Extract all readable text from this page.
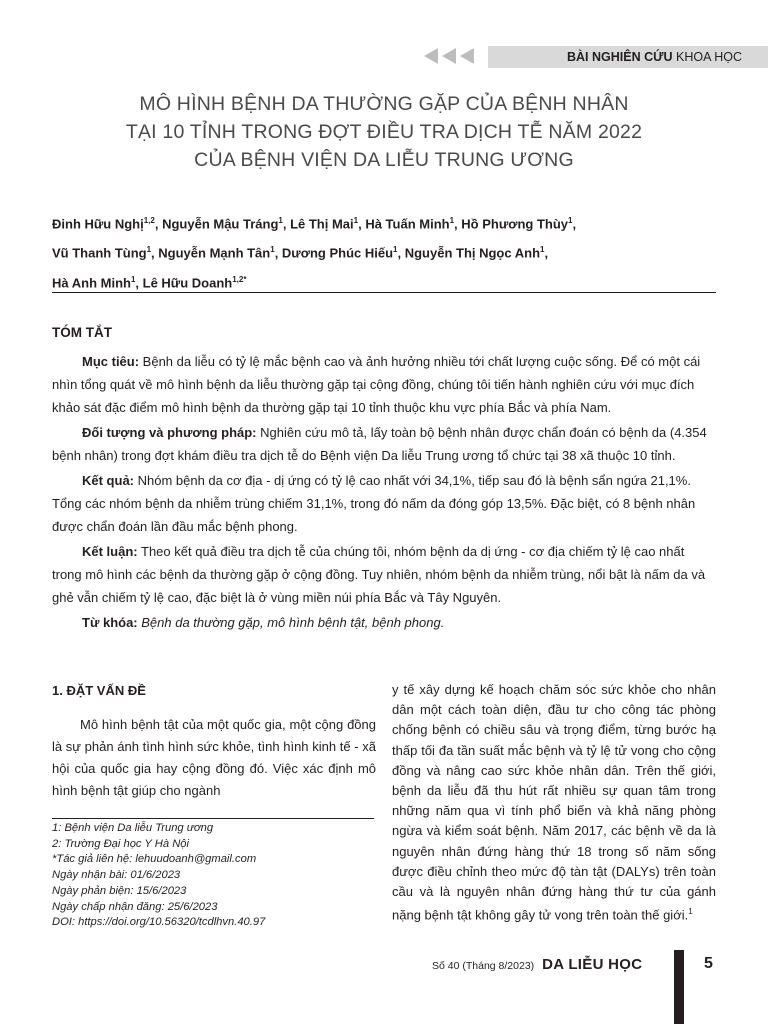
BÀI NGHIÊN CỨU KHOA HỌC
MÔ HÌNH BỆNH DA THƯỜNG GẶP CỦA BỆNH NHÂN
TẠI 10 TỈNH TRONG ĐỢT ĐIỀU TRA DỊCH TỄ NĂM 2022
CỦA BỆNH VIỆN DA LIỄU TRUNG ƯƠNG
Đinh Hữu Nghị$^{1,2}$, Nguyễn Mậu Tráng$^1$, Lê Thị Mai$^1$, Hà Tuấn Minh$^1$, Hồ Phương Thùy$^1$,
Vũ Thanh Tùng$^1$, Nguyễn Mạnh Tân$^1$, Dương Phúc Hiếu$^1$, Nguyễn Thị Ngọc Anh$^1$,
Hà Anh Minh$^1$, Lê Hữu Doanh$^{1,2*}$
TÓM TẮT

Mục tiêu: Bệnh da liễu có tỷ lệ mắc bệnh cao và ảnh hưởng nhiều tới chất lượng cuộc sống. Để có một cái nhìn tổng quát về mô hình bệnh da liễu thường gặp tại cộng đồng, chúng tôi tiến hành nghiên cứu với mục đích khảo sát đặc điểm mô hình bệnh da thường gặp tại 10 tỉnh thuộc khu vực phía Bắc và phía Nam.

Đối tượng và phương pháp: Nghiên cứu mô tả, lấy toàn bộ bệnh nhân được chẩn đoán có bệnh da (4.354 bệnh nhân) trong đợt khám điều tra dịch tễ do Bệnh viện Da liễu Trung ương tổ chức tại 38 xã thuộc 10 tỉnh.

Kết quả: Nhóm bệnh da cơ địa - dị ứng có tỷ lệ cao nhất với 34,1%, tiếp sau đó là bệnh sẩn ngứa 21,1%. Tổng các nhóm bệnh da nhiễm trùng chiếm 31,1%, trong đó nấm da đóng góp 13,5%. Đặc biệt, có 8 bệnh nhân được chẩn đoán lần đầu mắc bệnh phong.

Kết luận: Theo kết quả điều tra dịch tễ của chúng tôi, nhóm bệnh da dị ứng - cơ địa chiếm tỷ lệ cao nhất trong mô hình các bệnh da thường gặp ở cộng đồng. Tuy nhiên, nhóm bệnh da nhiễm trùng, nổi bật là nấm da và ghẻ vẫn chiếm tỷ lệ cao, đặc biệt là ở vùng miền núi phía Bắc và Tây Nguyên.

Từ khóa: Bệnh da thường gặp, mô hình bệnh tật, bệnh phong.

1. ĐẶT VẤN ĐỀ

Mô hình bệnh tật của một quốc gia, một cộng đồng là sự phản ánh tình hình sức khỏe, tình hình kinh tế - xã hội của quốc gia hay cộng đồng đó. Việc xác định mô hình bệnh tật giúp cho ngành

y tế xây dựng kế hoạch chăm sóc sức khỏe cho nhân dân một cách toàn diện, đầu tư cho công tác phòng chống bệnh có chiều sâu và trọng điểm, từng bước hạ thấp tối đa tần suất mắc bệnh và tỷ lệ tử vong cho cộng đồng và nâng cao sức khỏe nhân dân. Trên thế giới, bệnh da liễu đã thu hút rất nhiều sự quan tâm trong những năm qua vì tính phổ biến và khả năng phòng ngừa và kiểm soát bệnh. Năm 2017, các bệnh về da là nguyên nhân đứng hàng thứ 18 trong số năm sống được điều chỉnh theo mức độ tàn tật (DALYs) trên toàn cầu và là nguyên nhân đứng hàng thứ tư của gánh nặng bệnh tật không gây tử vong trên toàn thế giới.$^1$

1: Bệnh viện Da liễu Trung ương
2: Trường Đại học Y Hà Nội
*Tác giả liên hệ: lehuudoanh@gmail.com
Ngày nhận bài: 01/6/2023
Ngày phản biện: 15/6/2023
Ngày chấp nhận đăng: 25/6/2023
DOI: https://doi.org/10.56320/tcdlhvn.40.97
Số 40 (Tháng 8/2023) DA LIỄU HỌC	5
